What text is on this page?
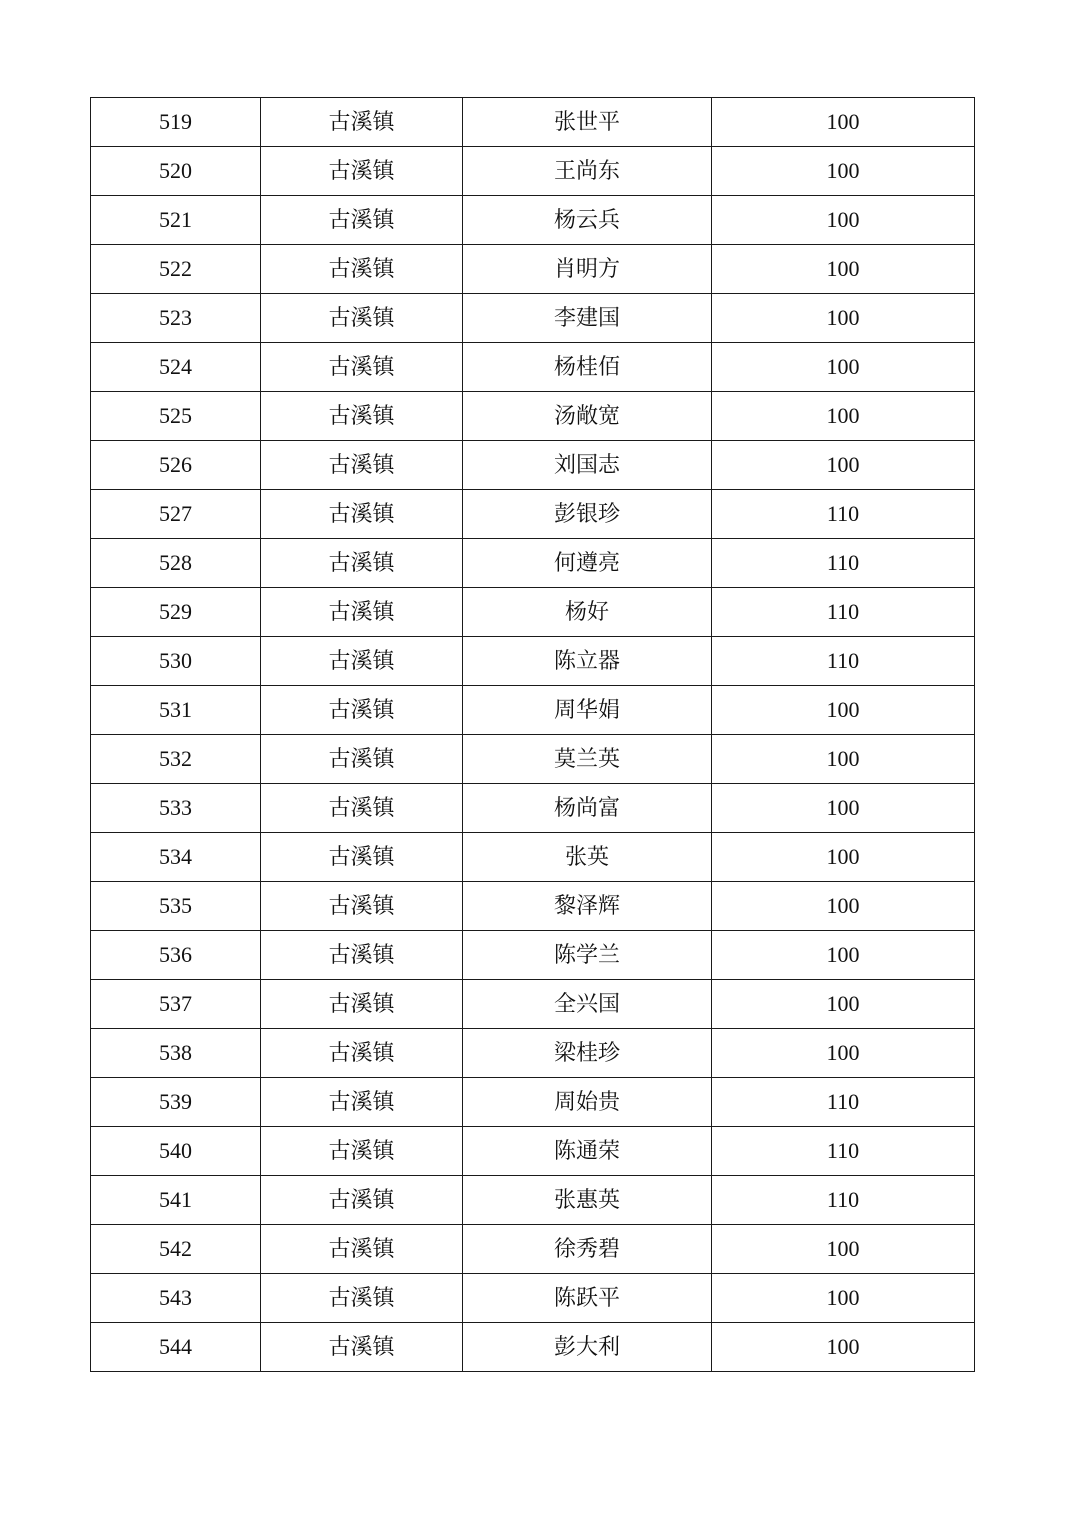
519	古溪镇	张世平	100
520	古溪镇	王尚东	100
521	古溪镇	杨云兵	100
522	古溪镇	肖明方	100
523	古溪镇	李建国	100
524	古溪镇	杨桂佰	100
525	古溪镇	汤敞宽	100
526	古溪镇	刘国志	100
527	古溪镇	彭银珍	110
528	古溪镇	何遵亮	110
529	古溪镇	杨好	110
530	古溪镇	陈立器	110
531	古溪镇	周华娟	100
532	古溪镇	莫兰英	100
533	古溪镇	杨尚富	100
534	古溪镇	张英	100
535	古溪镇	黎泽辉	100
536	古溪镇	陈学兰	100
537	古溪镇	全兴国	100
538	古溪镇	梁桂珍	100
539	古溪镇	周始贵	110
540	古溪镇	陈通荣	110
541	古溪镇	张惠英	110
542	古溪镇	徐秀碧	100
543	古溪镇	陈跃平	100
544	古溪镇	彭大利	100
